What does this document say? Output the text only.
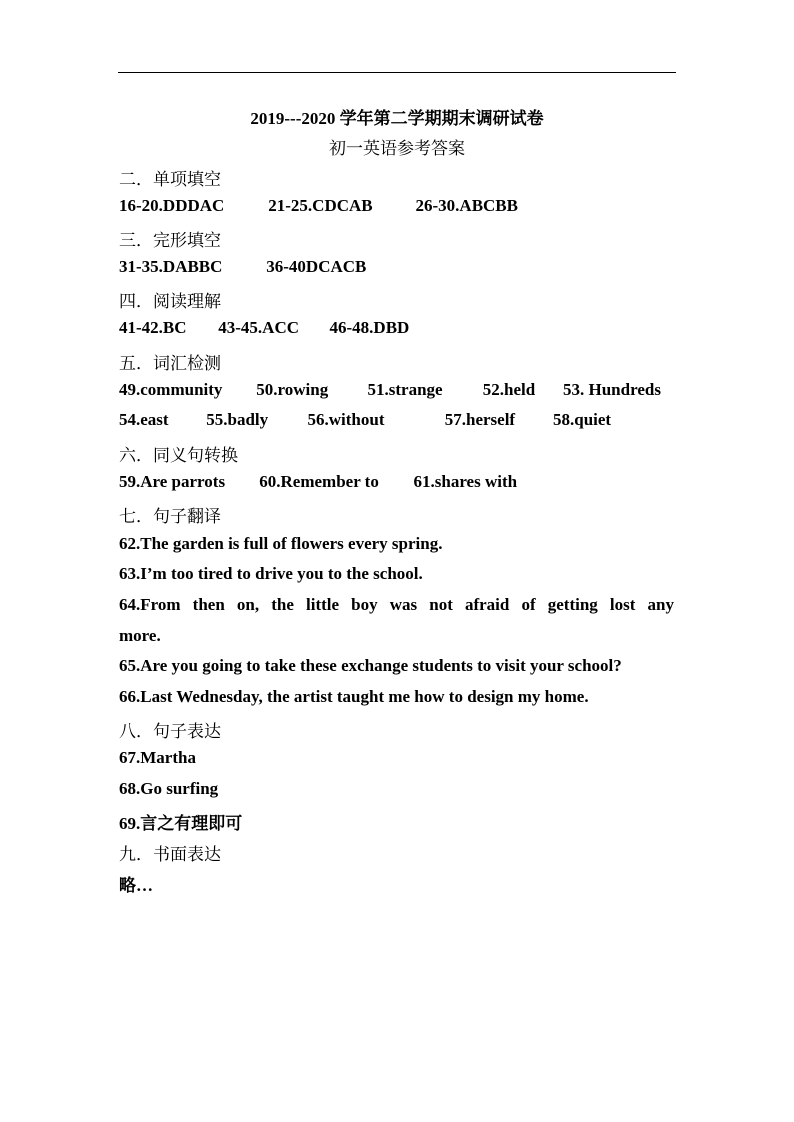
2019---2020 学年第二学期期末调研试卷
初一英语参考答案
二．单项填空
16-20.DDDAC	21-25.CDCAB	26-30.ABCBB
三．完形填空
31-35.DABBC	36-40DCACB
四．阅读理解
41-42.BC 43-45.ACC 46-48.DBD
五．词汇检测
49.community 50.rowing 51.strange 52.held 53. Hundreds
54.east 55.badly 56.without	57.herself 58.quiet
六．同义句转换
59.Are parrots 60.Remember to 61.shares with
七．句子翻译
62.The garden is full of flowers every spring.
63.I’m too tired to drive you to the school.
64.From then on, the little boy was not afraid of getting lost any
more.
65.Are you going to take these exchange students to visit your school?
66.Last Wednesday, the artist taught me how to design my home.
八．句子表达
67.Martha
68.Go surfing
69.言之有理即可
九．书面表达
略…
